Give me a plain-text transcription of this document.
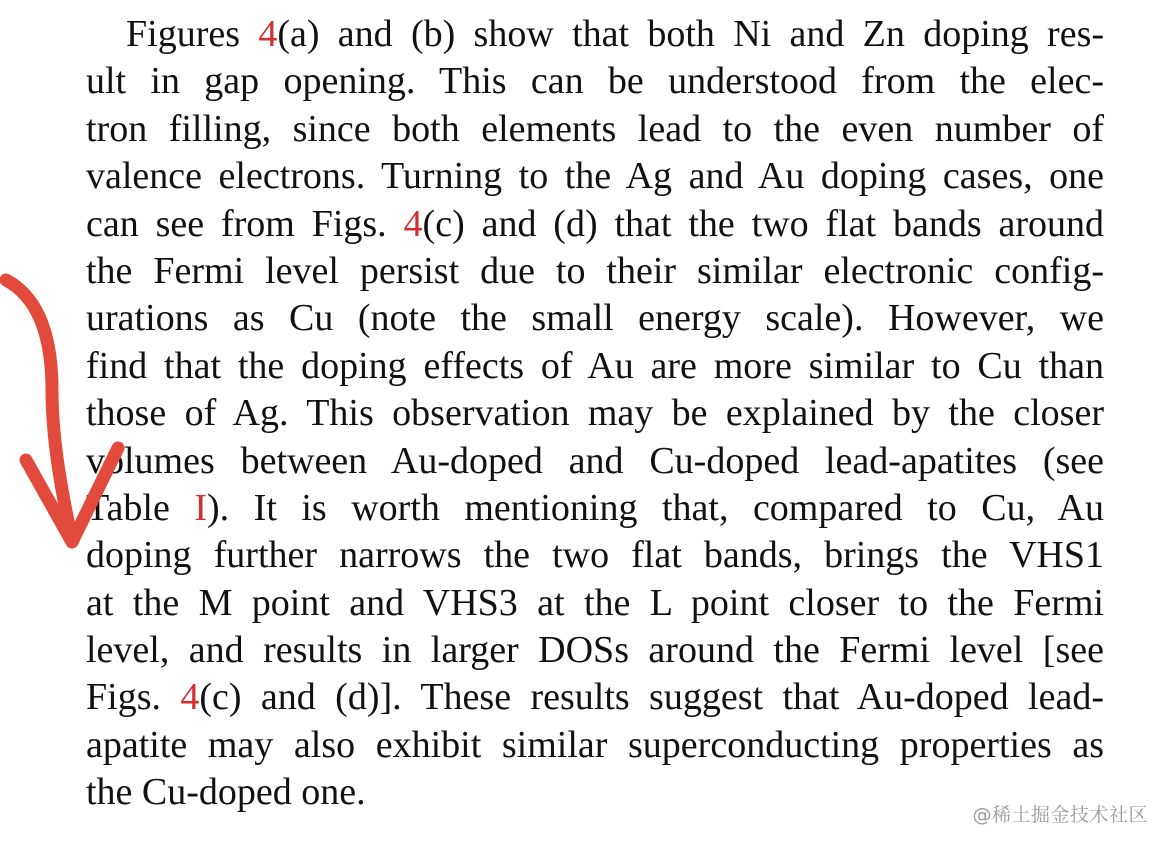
Figures 4(a) and (b) show that both Ni and Zn doping res-
ult in gap opening. This can be understood from the elec-
tron filling, since both elements lead to the even number of
valence electrons. Turning to the Ag and Au doping cases, one
can see from Figs. 4(c) and (d) that the two flat bands around
the Fermi level persist due to their similar electronic config-
urations as Cu (note the small energy scale). However, we
find that the doping effects of Au are more similar to Cu than
those of Ag. This observation may be explained by the closer
volumes between Au-doped and Cu-doped lead-apatites (see
Table I). It is worth mentioning that, compared to Cu, Au
doping further narrows the two flat bands, brings the VHS1
at the M point and VHS3 at the L point closer to the Fermi
level, and results in larger DOSs around the Fermi level [see
Figs. 4(c) and (d)]. These results suggest that Au-doped lead-
apatite may also exhibit similar superconducting properties as
the Cu-doped one.
@稀土掘金技术社区
